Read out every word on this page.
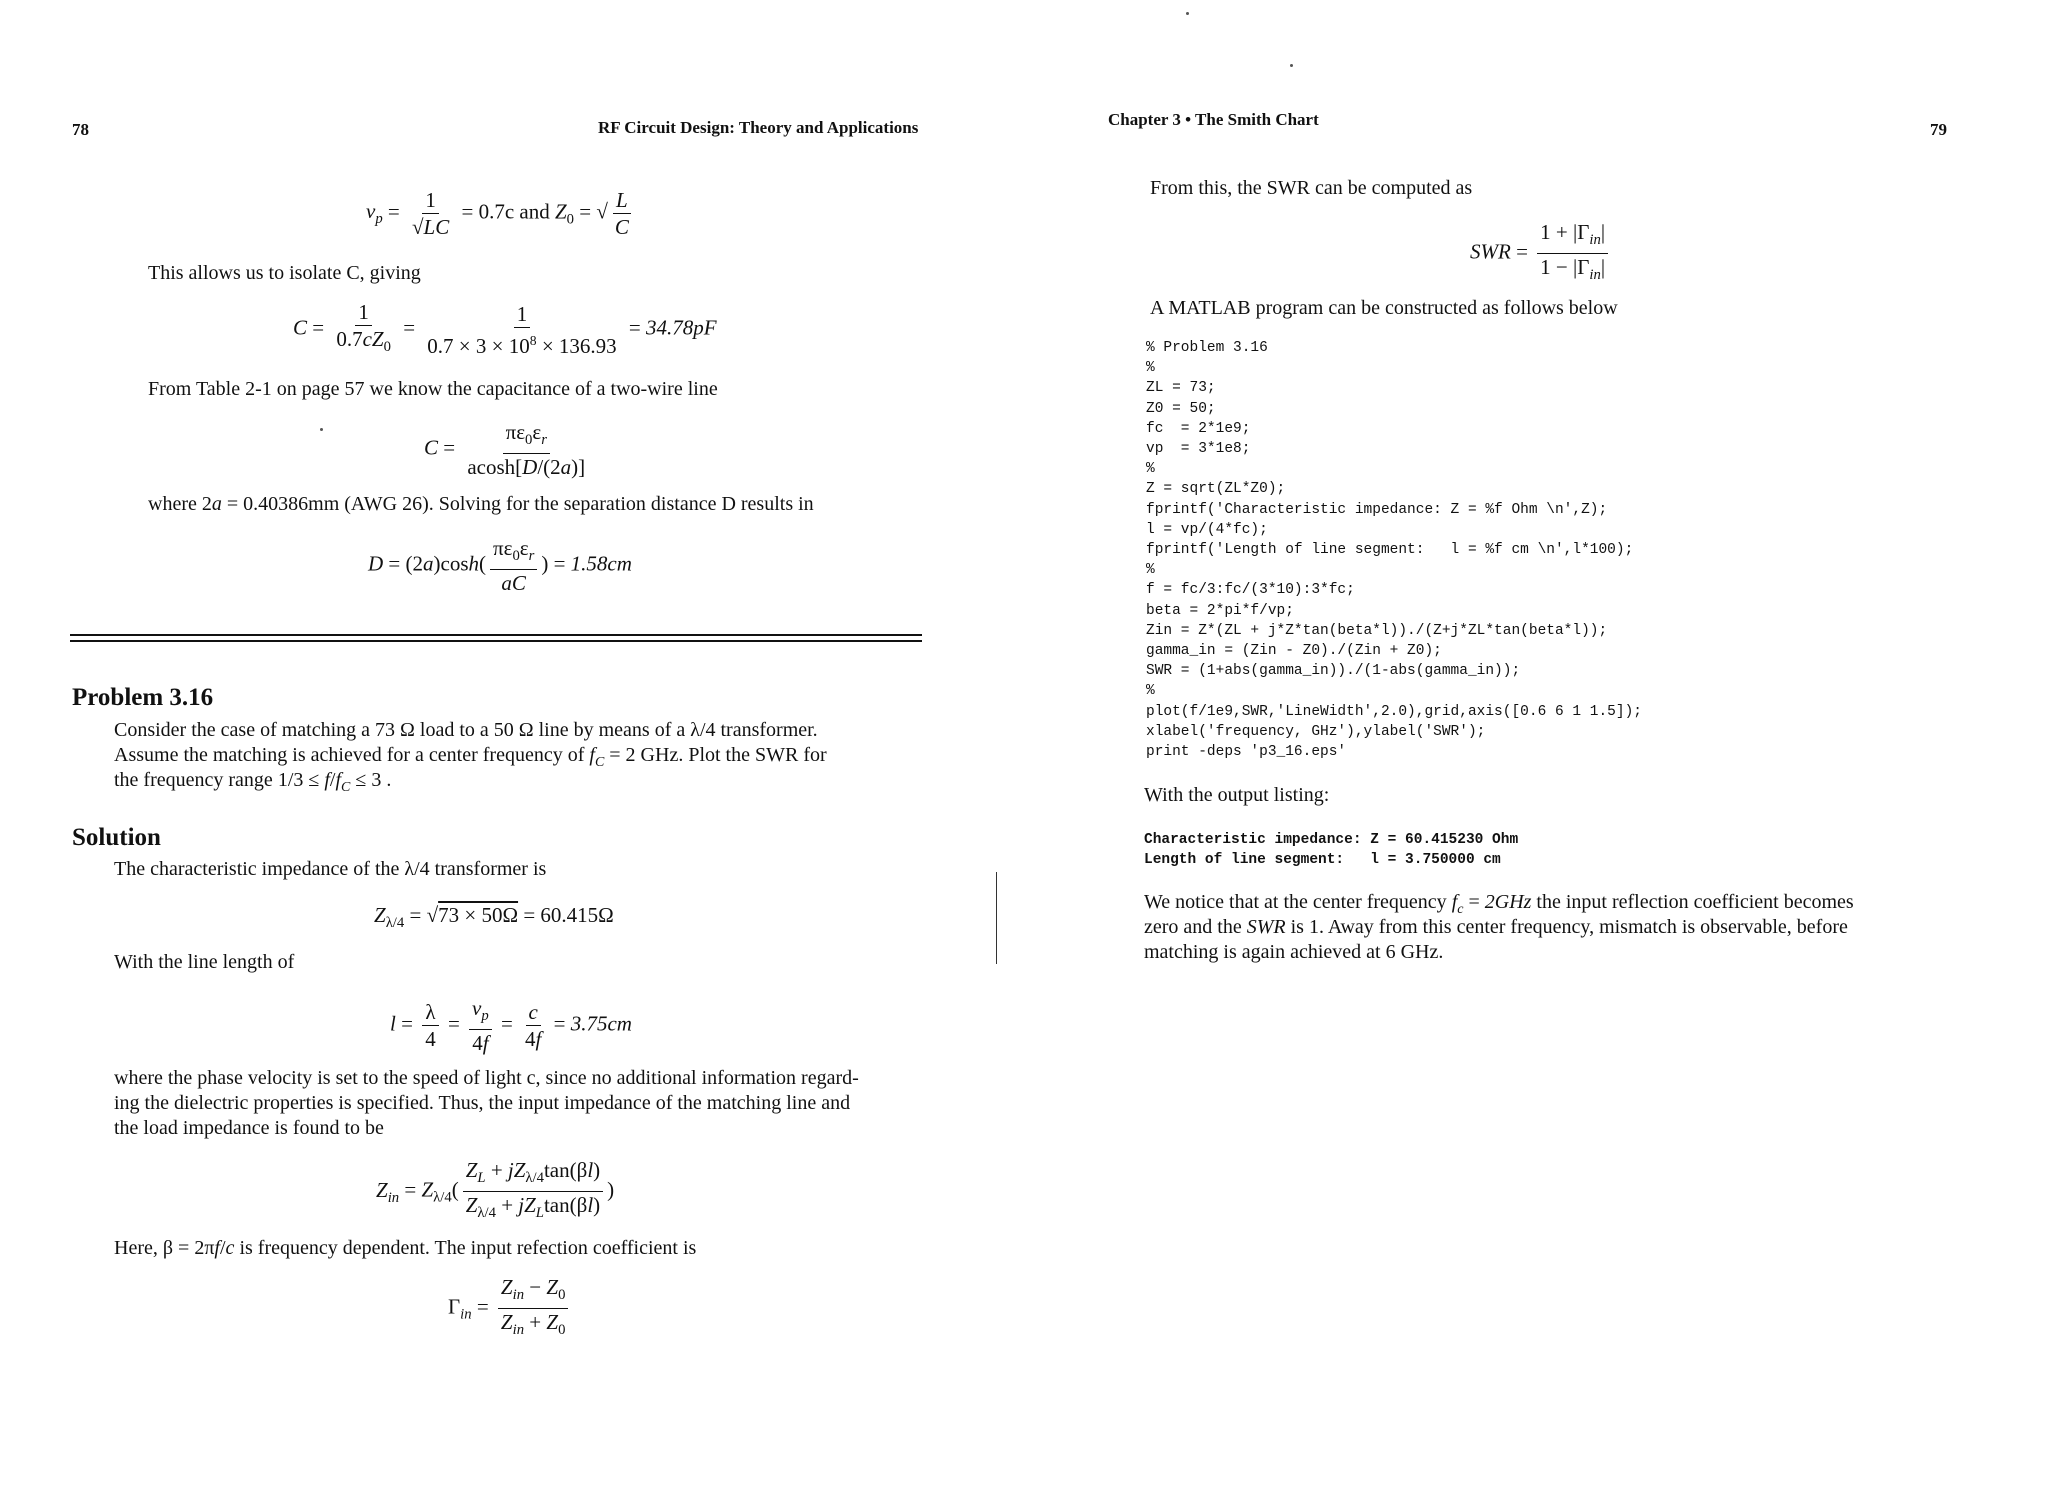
78	RF Circuit Design: Theory and Applications
$v_p = \frac{1}{√LC} = 0.7c$ and $Z_0$ = √ $\frac{L}{C}$
This allows us to isolate C, giving
$C = \frac{1}{0.7cZ_0} = \frac{1}{0.7 \times 3 \times 10^8 \times 136.93} = 34.78pF$
From Table 2-1 on page 57 we know the capacitance of a two-wire line
$C = \frac{\pi\varepsilon_0\varepsilon_r}{acosh[D/(2a)]}$
where 2a = 0.40386mm (AWG 26). Solving for the separation distance D results in
$D = (2a)\cosh( \frac{\pi\varepsilon_0\varepsilon_r}{aC}$ ) = 1.58cm
Problem 3.16
Consider the case of matching a 73 Ω load to a 50 Ω line by means of a λ/4 transformer.
Assume the matching is achieved for a center frequency of $f_C = 2$ GHz. Plot the SWR for
the frequency range $1/3 \le f/f_C \le 3$ .
Solution
The characteristic impedance of the λ/4 transformer is
$Z_{\lambda/4} = √73 \times 50\Omega = 60.415\Omega$
With the line length of
$l = \frac{\lambda}{4} = \frac{v_p}{4f} = \frac{c}{4f} = 3.75cm$
where the phase velocity is set to the speed of light c, since no additional information regard-
ing the dielectric properties is specified. Thus, the input impedance of the matching line and
the load impedance is found to be
$Z_{in} = Z_{\lambda/4}( \frac{Z_L + jZ_{\lambda/4}\tan(\beta l)}{Z_{\lambda/4} + jZ_L\tan(\beta l)}$ )
Here, β = 2πf/c is frequency dependent. The input refection coefficient is
$\Gamma_{in} = \frac{Z_{in} - Z_0}{Z_{in} + Z_0}$
Chapter 3 • The Smith Chart
79
From this, the SWR can be computed as
SWR = $\frac{1 + |\Gamma_{in}|}{1 - |\Gamma_{in}|}$
A MATLAB program can be constructed as follows below
% Problem 3.16
%
ZL = 73;
Z0 = 50;
fc  = 2*1e9;
vp  = 3*1e8;
%
Z = sqrt(ZL*Z0);
fprintf('Characteristic impedance: Z = %f Ohm \n',Z);
l = vp/(4*fc);
fprintf('Length of line segment:   l = %f cm \n',l*100);
%
f = fc/3:fc/(3*10):3*fc;
beta = 2*pi*f/vp;
Zin = Z*(ZL + j*Z*tan(beta*l))./(Z+j*ZL*tan(beta*l));
gamma_in = (Zin - Z0)./(Zin + Z0);
SWR = (1+abs(gamma_in))./(1-abs(gamma_in));
%
plot(f/1e9,SWR,'LineWidth',2.0),grid,axis([0.6 6 1 1.5]);
xlabel('frequency, GHz'),ylabel('SWR');
print -deps 'p3_16.eps'
With the output listing:
Characteristic impedance: Z = 60.415230 Ohm
Length of line segment:   l = 3.750000 cm
We notice that at the center frequency $f_c = 2GHz$ the input reflection coefficient becomes
zero and the SWR is 1. Away from this center frequency, mismatch is observable, before
matching is again achieved at 6 GHz.
